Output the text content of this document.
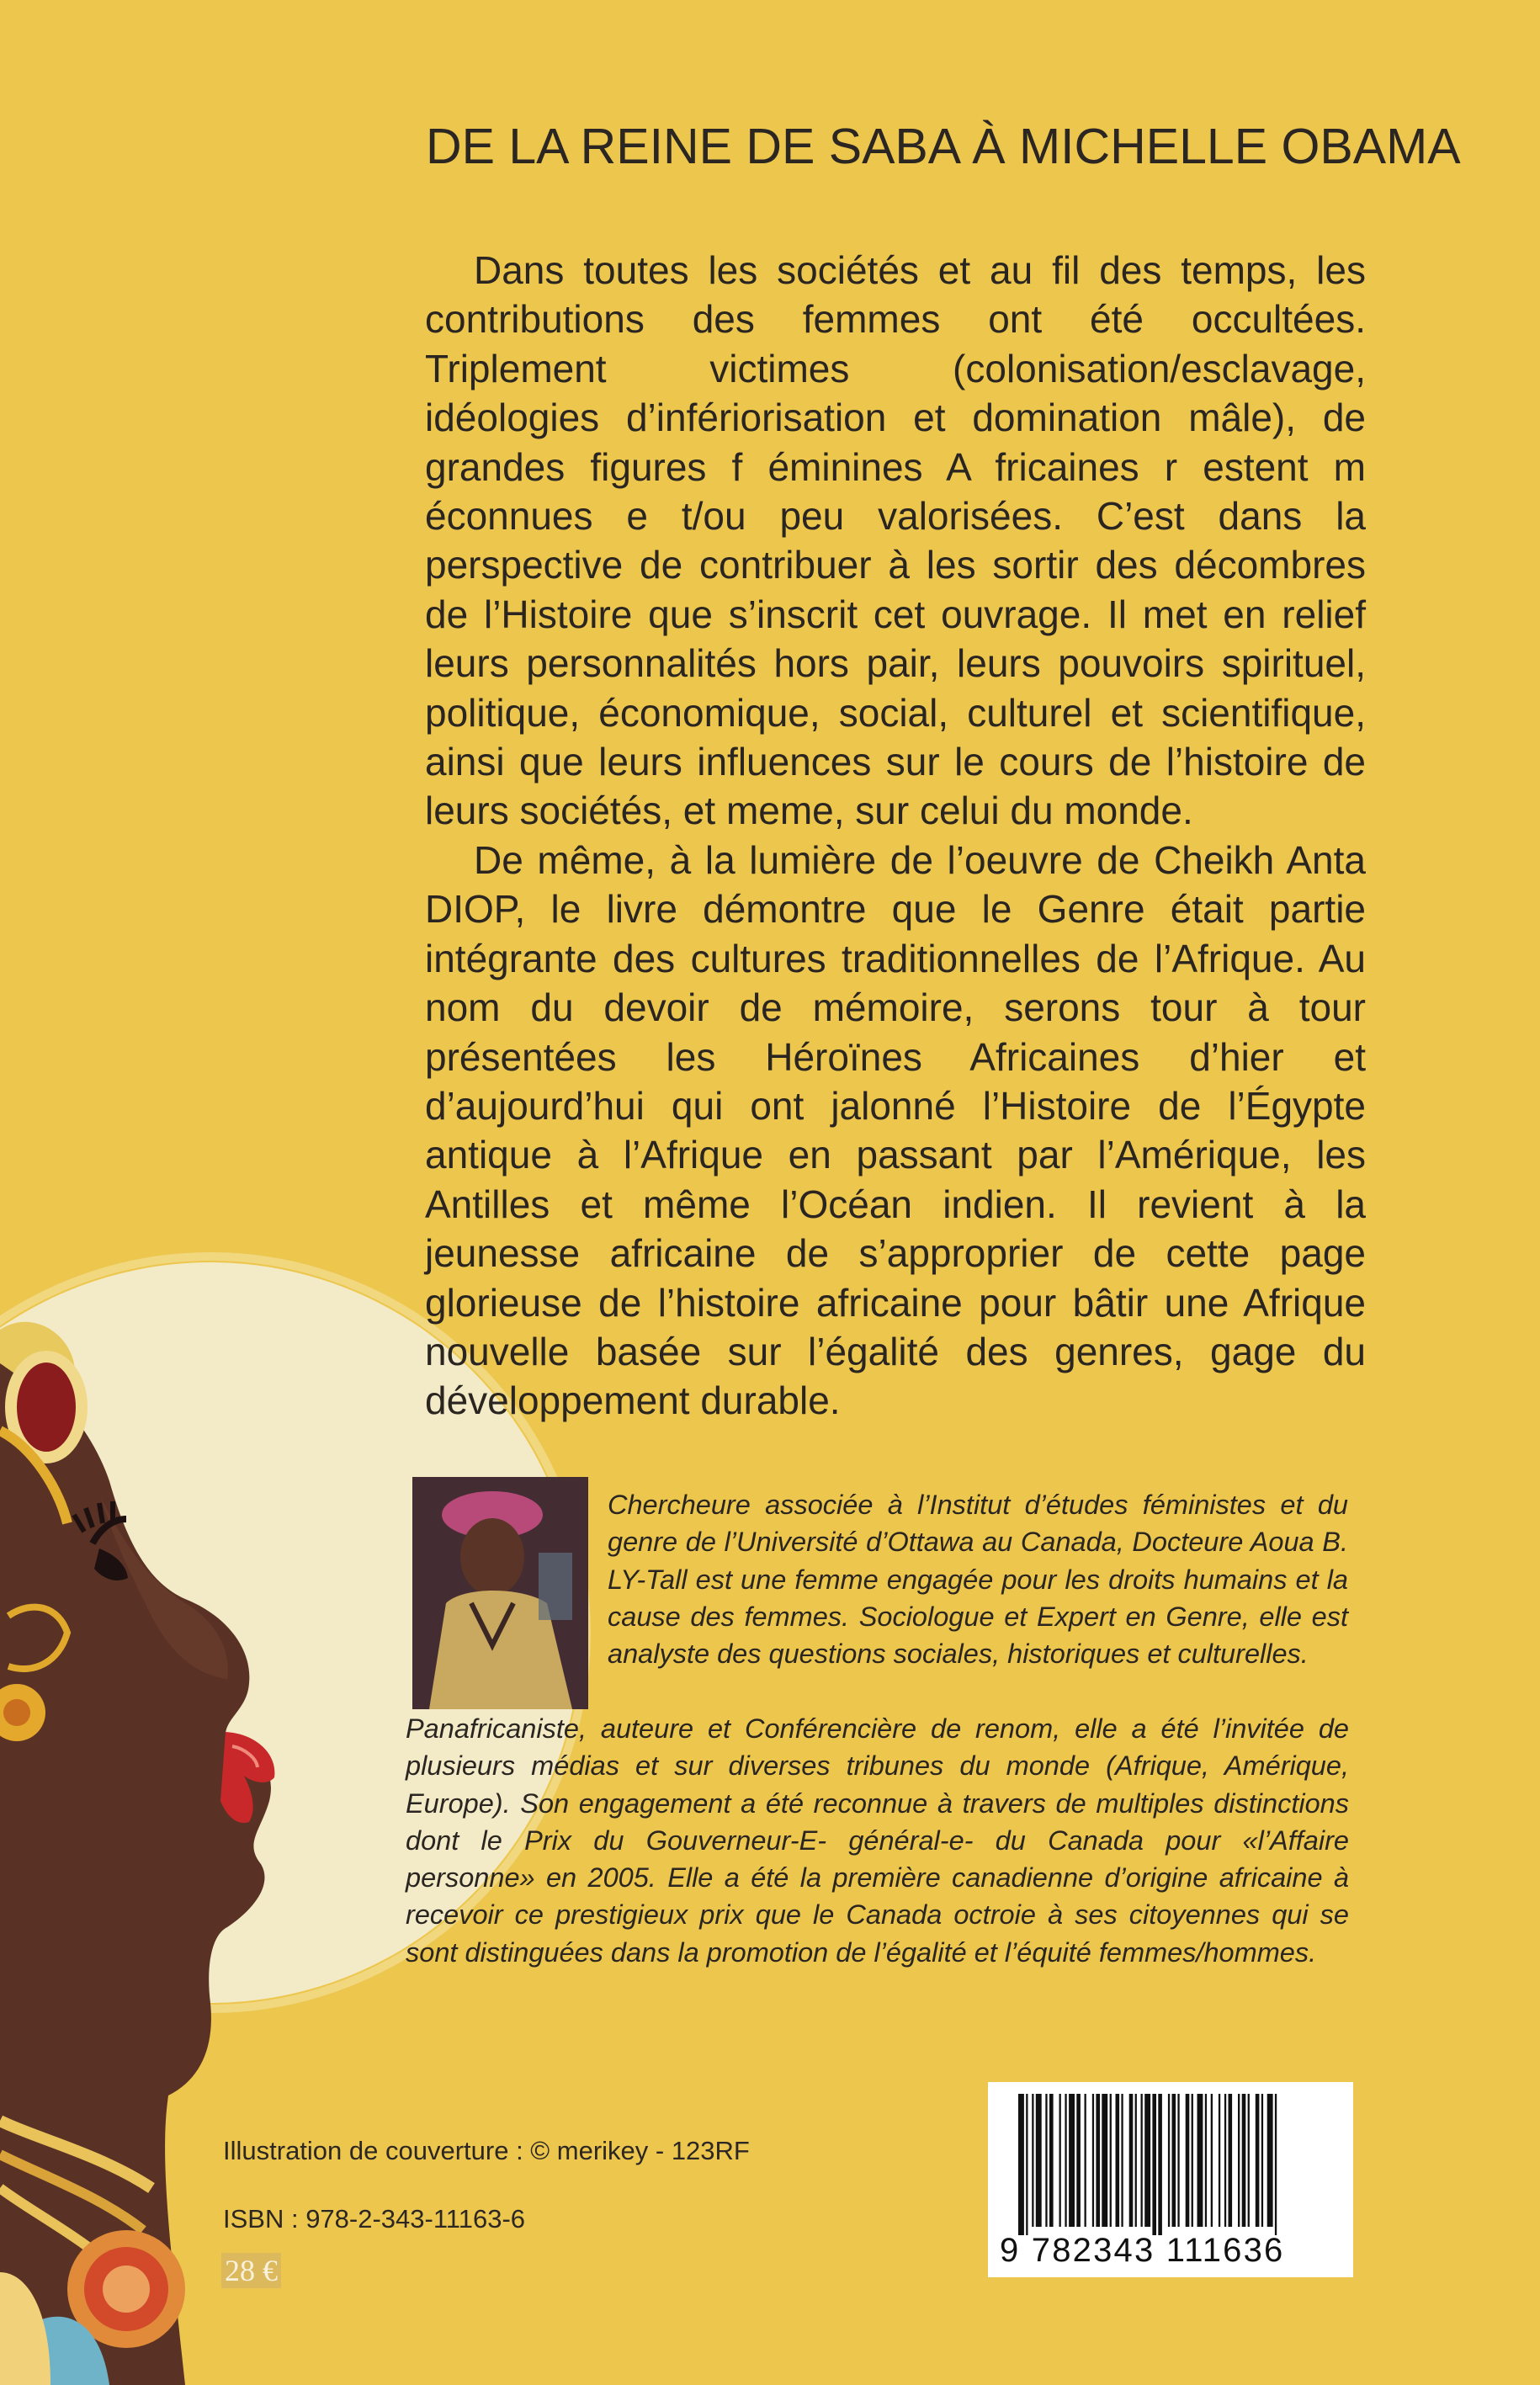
DE LA REINE DE SABA À MICHELLE OBAMA

Dans toutes les sociétés et au fil des temps, les contributions des femmes ont été occultées. Triplement victimes (colonisation/esclavage, idéologies d’infériorisation et domination mâle), de grandes figures f éminines A fricaines r estent m éconnues e t/ou peu valorisées. C’est dans la perspective de contribuer à les sortir des décombres de l’Histoire que s’inscrit cet ouvrage. Il met en relief leurs personnalités hors pair, leurs pouvoirs spirituel, politique, économique, social, culturel et scientifique, ainsi que leurs influences sur le cours de l’histoire de leurs sociétés, et meme, sur celui du monde.

De même, à la lumière de l’oeuvre de Cheikh Anta DIOP, le livre démontre que le Genre était partie intégrante des cultures traditionnelles de l’Afrique. Au nom du devoir de mémoire, serons tour à tour présentées les Héroïnes Africaines d’hier et d’aujourd’hui qui ont jalonné l’Histoire de l’Égypte antique à l’Afrique en passant par l’Amérique, les Antilles et même l’Océan indien. Il revient à la jeunesse africaine de s’approprier de cette page glorieuse de l’histoire africaine pour bâtir une Afrique nouvelle basée sur l’égalité des genres, gage du développement durable.

Chercheure associée à l’Institut d’études féministes et du genre de l’Université d’Ottawa au Canada, Docteure Aoua B. LY-Tall est une femme engagée pour les droits humains et la cause des femmes. Sociologue et Expert en Genre, elle est analyste des questions sociales, historiques et culturelles.

Panafricaniste, auteure et Conférencière de renom, elle a été l’invitée de plusieurs médias et sur diverses tribunes du monde (Afrique, Amérique, Europe). Son engagement a été reconnue à travers de multiples distinctions dont le Prix du Gouverneur-E- général-e- du Canada pour «l’Affaire personne» en 2005. Elle a été la première canadienne d’origine africaine à recevoir ce prestigieux prix que le Canada octroie à ses citoyennes qui se sont distinguées dans la promotion de l’égalité et l’équité femmes/hommes.

Illustration de couverture : © merikey - 123RF

ISBN : 978-2-343-11163-6

28 €
9 782343 111636
